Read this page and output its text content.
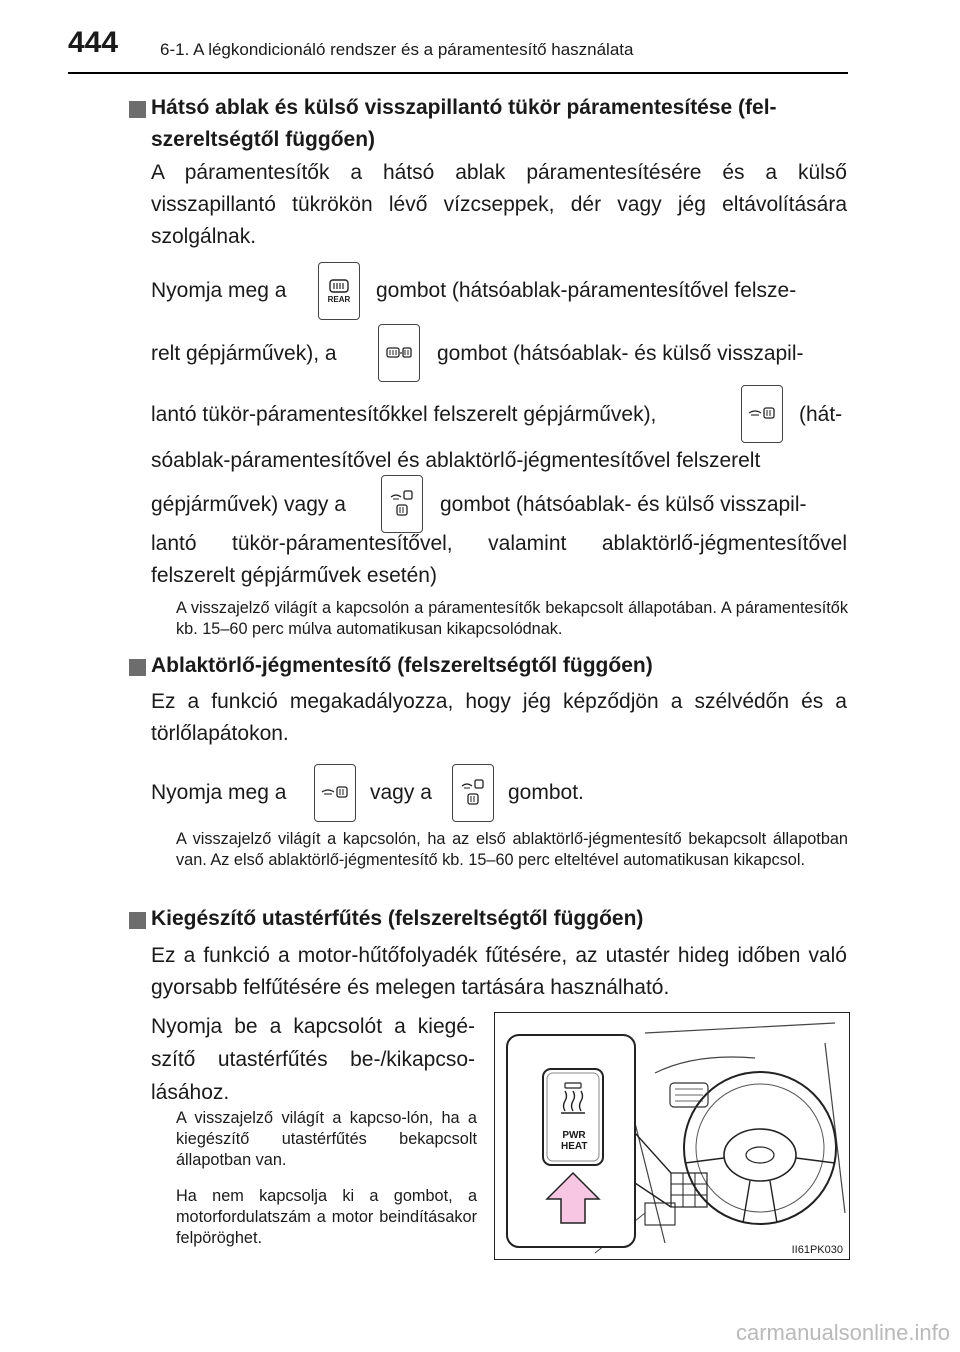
444 6-1. A légkondicionáló rendszer és a páramentesítő használata
Hátsó ablak és külső visszapillantó tükör páramentesítése (fel-
szereltségtől függően)
A páramentesítők a hátsó ablak páramentesítésére és a külső visszapillantó tükrökön lévő vízcseppek, dér vagy jég eltávolítására szolgálnak.
Nyomja meg a	REAR gombot (hátsóablak-páramentesítővel felsze-
relt gépjárművek), a	gombot (hátsóablak- és külső visszapil-
lantó tükör-páramentesítőkkel felszerelt gépjárművek),	(hát-
sóablak-páramentesítővel és ablaktörlő-jégmentesítővel felszerelt
gépjárművek) vagy a	gombot (hátsóablak- és külső visszapil-
lantó tükör-páramentesítővel, valamint ablaktörlő-jégmentesítővel felszerelt gépjárművek esetén)
A visszajelző világít a kapcsolón a páramentesítők bekapcsolt állapotában. A páramentesítők kb. 15–60 perc múlva automatikusan kikapcsolódnak.
Ablaktörlő-jégmentesítő (felszereltségtől függően)
Ez a funkció megakadályozza, hogy jég képződjön a szélvédőn és a törlőlapátokon.
Nyomja meg a	vagy a	gombot.
A visszajelző világít a kapcsolón, ha az első ablaktörlő-jégmentesítő bekapcsolt állapotban van. Az első ablaktörlő-jégmentesítő kb. 15–60 perc elteltével automatikusan kikapcsol.
Kiegészítő utastérfűtés (felszereltségtől függően)
Ez a funkció a motor-hűtőfolyadék fűtésére, az utastér hideg időben való gyorsabb felfűtésére és melegen tartására használható.
Nyomja be a kapcsolót a kiegé-szítő utastérfűtés be-/kikapcso-lásához.
A visszajelző világít a kapcso-lón, ha a kiegészítő utastérfűtés bekapcsolt állapotban van.
Ha nem kapcsolja ki a gombot, a motorfordulatszám a motor beindításakor felpöröghet.
PWR
HEAT
II61PK030
carmanualsonline.info
